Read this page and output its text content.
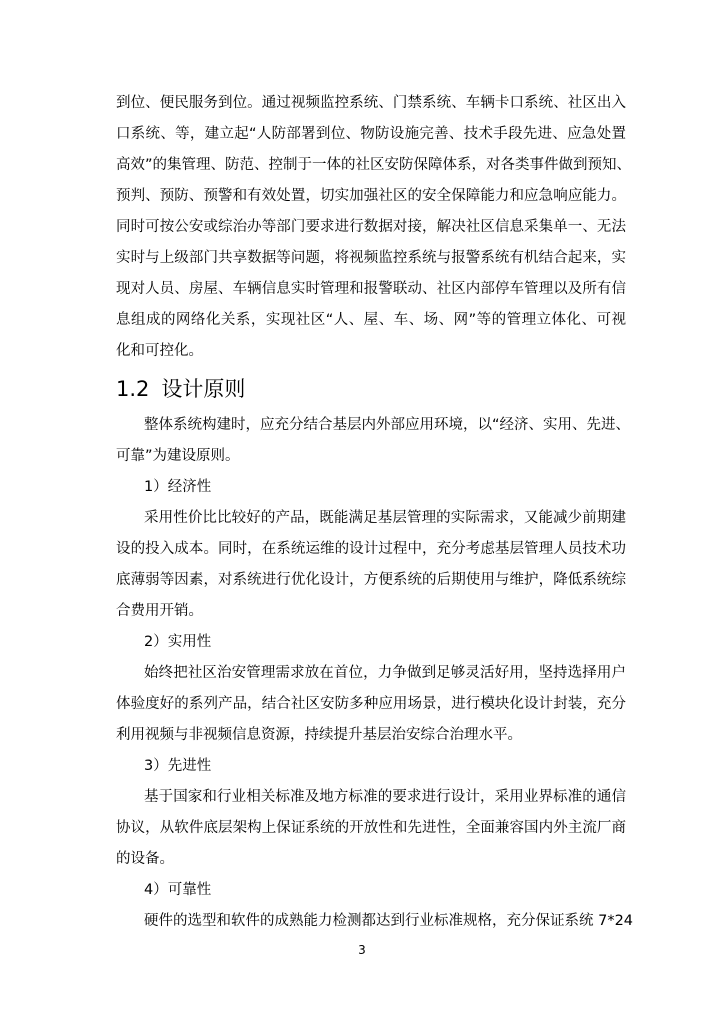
到位、便民服务到位。通过视频监控系统、门禁系统、车辆卡口系统、社区出入
口系统、等，建立起“人防部署到位、物防设施完善、技术手段先进、应急处置
高效”的集管理、防范、控制于一体的社区安防保障体系，对各类事件做到预知、
预判、预防、预警和有效处置，切实加强社区的安全保障能力和应急响应能力。
同时可按公安或综治办等部门要求进行数据对接，解决社区信息采集单一、无法
实时与上级部门共享数据等问题，将视频监控系统与报警系统有机结合起来，实
现对人员、房屋、车辆信息实时管理和报警联动、社区内部停车管理以及所有信
息组成的网络化关系，实现社区“人、屋、车、场、网”等的管理立体化、可视
化和可控化。
1.2 设计原则
整体系统构建时，应充分结合基层内外部应用环境，以“经济、实用、先进、
可靠”为建设原则。
1）经济性
采用性价比比较好的产品，既能满足基层管理的实际需求，又能减少前期建
设的投入成本。同时，在系统运维的设计过程中，充分考虑基层管理人员技术功
底薄弱等因素，对系统进行优化设计，方便系统的后期使用与维护，降低系统综
合费用开销。
2）实用性
始终把社区治安管理需求放在首位，力争做到足够灵活好用，坚持选择用户
体验度好的系列产品，结合社区安防多种应用场景，进行模块化设计封装，充分
利用视频与非视频信息资源，持续提升基层治安综合治理水平。
3）先进性
基于国家和行业相关标准及地方标准的要求进行设计，采用业界标准的通信
协议，从软件底层架构上保证系统的开放性和先进性，全面兼容国内外主流厂商
的设备。
4）可靠性
硬件的选型和软件的成熟能力检测都达到行业标准规格，充分保证系统 7*24
3
